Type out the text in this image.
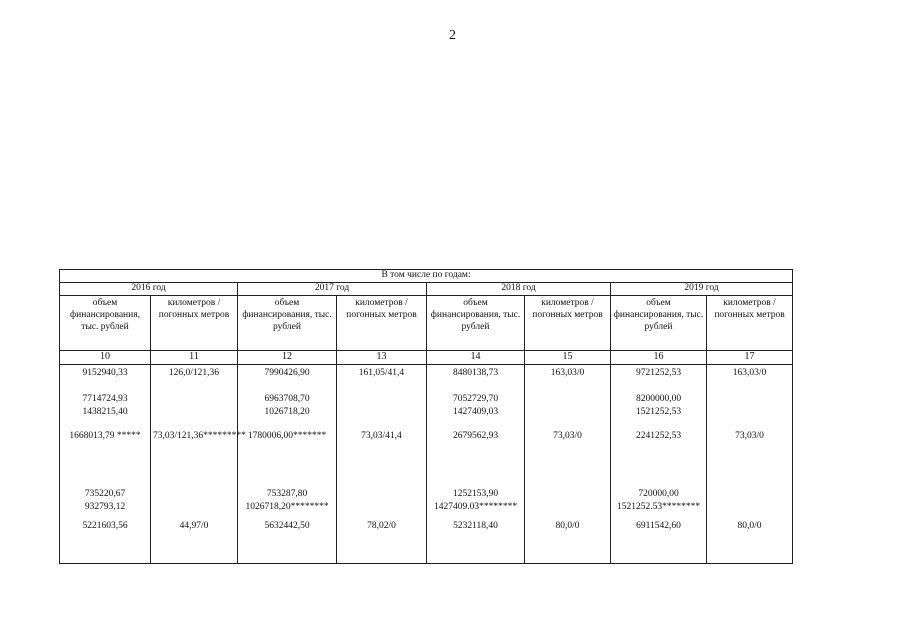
2
В том числе по годам:							
2016 год		2017 год		2018 год		2019 год	
объем финансирования, тыс. рублей	километров / погонных метров	объем финансирования, тыс. рублей	километров / погонных метров	объем финансирования, тыс. рублей	километров / погонных метров	объем финансирования, тыс. рублей	километров / погонных метров
10	11	12	13	14	15	16	17
9152940,33	126,0/121,36	7990426,90	161,05/41,4	8480138,73	163,03/0	9721252,53	163,03/0
7714724,93		6963708,70		7052729,70		8200000,00	
1438215,40		1026718,20		1427409,03		1521252,53	
1668013,79 *****	73,03/121,36*********	1780006,00*******	73,03/41,4	2679562,93	73,03/0	2241252,53	73,03/0
735220,67		753287,80		1252153,90		720000,00	
932793,12		1026718,20********		1427409.03********		1521252.53********	
5221603,56	44,97/0	5632442,50	78,02/0	5232118,40	80,0/0	6911542,60	80,0/0
